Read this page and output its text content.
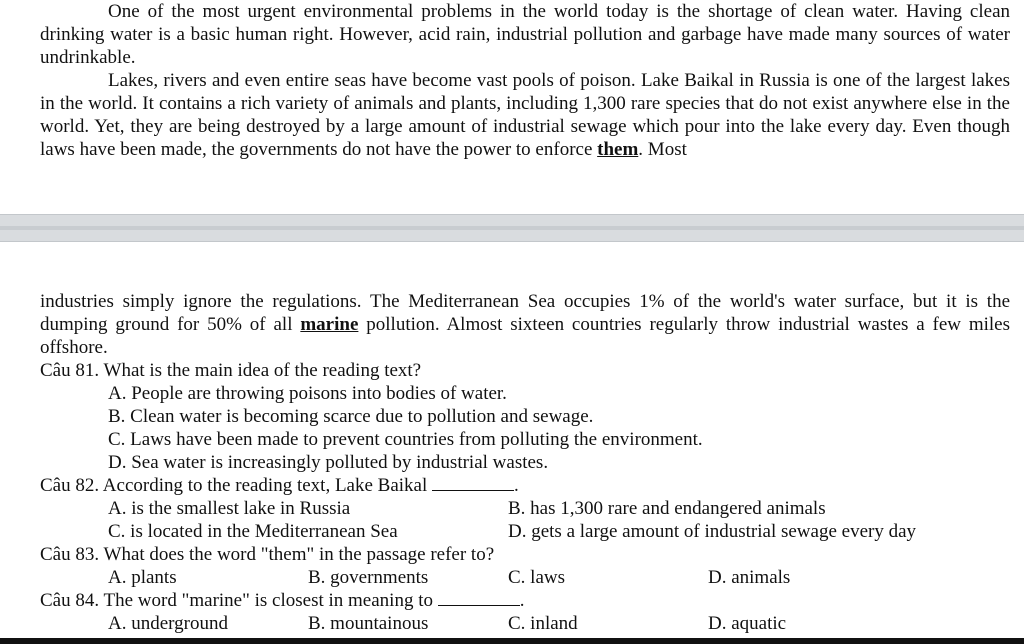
One of the most urgent environmental problems in the world today is the shortage of clean water. Having clean drinking water is a basic human right. However, acid rain, industrial pollution and garbage have made many sources of water undrinkable.

Lakes, rivers and even entire seas have become vast pools of poison. Lake Baikal in Russia is one of the largest lakes in the world. It contains a rich variety of animals and plants, including 1,300 rare species that do not exist anywhere else in the world. Yet, they are being destroyed by a large amount of industrial sewage which pour into the lake every day. Even though laws have been made, the governments do not have the power to enforce them. Most

industries simply ignore the regulations. The Mediterranean Sea occupies 1% of the world's water surface, but it is the dumping ground for 50% of all marine pollution. Almost sixteen countries regularly throw industrial wastes a few miles offshore.

Câu 81. What is the main idea of the reading text?

A. People are throwing poisons into bodies of water.

B. Clean water is becoming scarce due to pollution and sewage.

C. Laws have been made to prevent countries from polluting the environment.

D. Sea water is increasingly polluted by industrial wastes.

Câu 82. According to the reading text, Lake Baikal	.

A. is the smallest lake in Russia	B. has 1,300 rare and endangered animals
C. is located in the Mediterranean Sea	D. gets a large amount of industrial sewage every day

Câu 83. What does the word "them" in the passage refer to?

A. plants	B. governments	C. laws	D. animals

Câu 84. The word "marine" is closest in meaning to	.

A. underground	B. mountainous	C. inland	D. aquatic
